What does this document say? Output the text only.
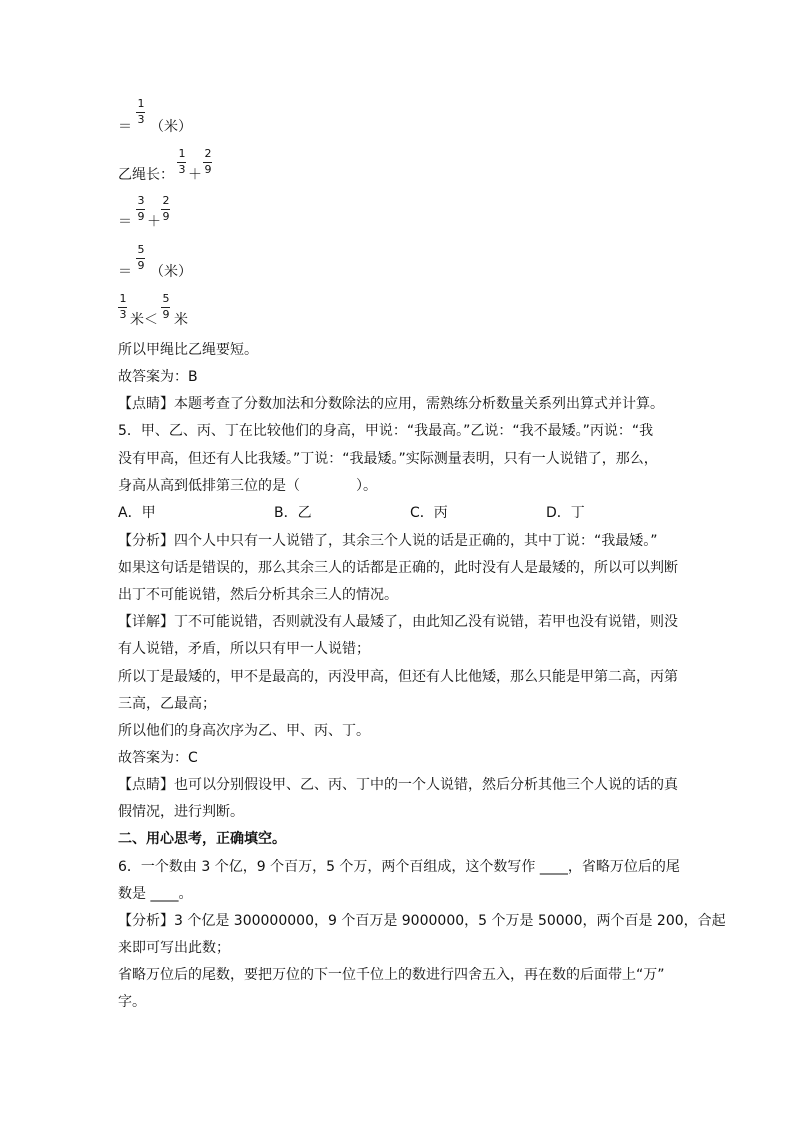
1
3
＝ （米）
乙绳长：
1
3 ＋
2
9
＝
3
9 ＋
2
9
＝
5
9 （米）
1
3 米＜
5
9 米
所以甲绳比乙绳要短。
故答案为：B
【点睛】本题考查了分数加法和分数除法的应用，需熟练分析数量关系列出算式并计算。
5．甲、乙、丙、丁在比较他们的身高，甲说：“我最高。”乙说：“我不最矮。”丙说：“我
没有甲高，但还有人比我矮。”丁说：“我最矮。”实际测量表明，只有一人说错了，那么，
身高从高到低排第三位的是（　　　　）。
A．甲	B．乙	C．丙	D．丁
【分析】四个人中只有一人说错了，其余三个人说的话是正确的，其中丁说：“我最矮。”
如果这句话是错误的，那么其余三人的话都是正确的，此时没有人是最矮的，所以可以判断
出丁不可能说错，然后分析其余三人的情况。
【详解】丁不可能说错，否则就没有人最矮了，由此知乙没有说错，若甲也没有说错，则没
有人说错，矛盾，所以只有甲一人说错；
所以丁是最矮的，甲不是最高的，丙没甲高，但还有人比他矮，那么只能是甲第二高，丙第
三高，乙最高；
所以他们的身高次序为乙、甲、丙、丁。
故答案为：C
【点睛】也可以分别假设甲、乙、丙、丁中的一个人说错，然后分析其他三个人说的话的真
假情况，进行判断。
二、用心思考，正确填空。
6．一个数由 3 个亿，9 个百万，5 个万，两个百组成，这个数写作 ____，省略万位后的尾
数是 ____。
【分析】3 个亿是 300000000，9 个百万是 9000000，5 个万是 50000，两个百是 200，合起
来即可写出此数；
省略万位后的尾数，要把万位的下一位千位上的数进行四舍五入，再在数的后面带上“万”
字。
